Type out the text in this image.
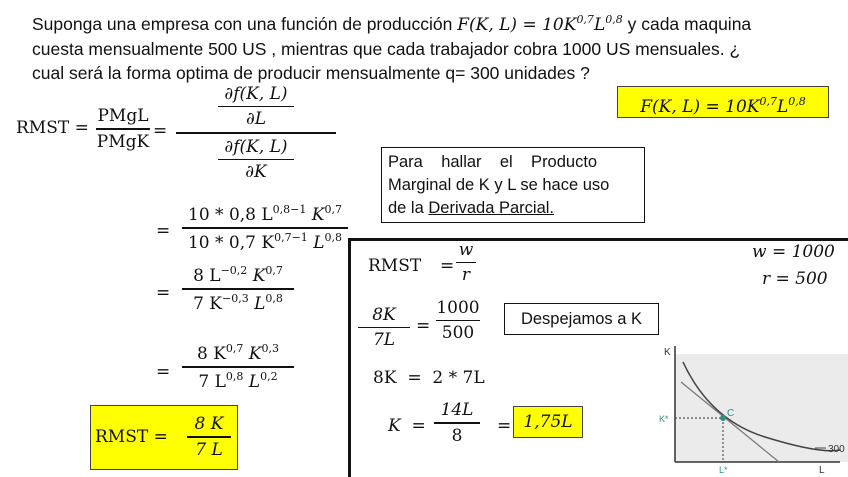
Suponga una empresa con una función de producción F(K, $L) = 10K^{0,7}L^{0,8}$ y cada maquina
cuesta mensualmente 500 US , mientras que cada trabajador cobra 1000 US mensuales. ¿
cual será la forma optima de producir mensualmente q= 300 unidades ?
F(K, $L) = 10K^{0,7}L^{0,8}$
RMST =
PMgL
PMgK
=
∂f(K, L)
∂L
∂f(K, L)
∂K	Para    hallar    el    Producto
Marginal de K y L se hace uso
de la Derivada Parcial.
=
10 * 0,8 $L^{0,8-1}$ K$^{0,7}$
10 * 0,7 $K^{0,7-1}$ L$^{0,8}$
=
8 $L^{-0,2}$ K$^{0,7}$
7 $K^{-0,3}$ L$^{0,8}$
=
8 K$^{0,7}$ K$^{0,3}$
7 L$^{0,8}$ L$^{0,2}$
RMST =
8 K
7 L
RMST =
w
r
w = 1000
r = 500
8K
7L
=
1000
500
Despejamos a K
8K  =  2 * 7L
K  =
14L
8 = 1,75L
K
K*	C
L*	L
300
